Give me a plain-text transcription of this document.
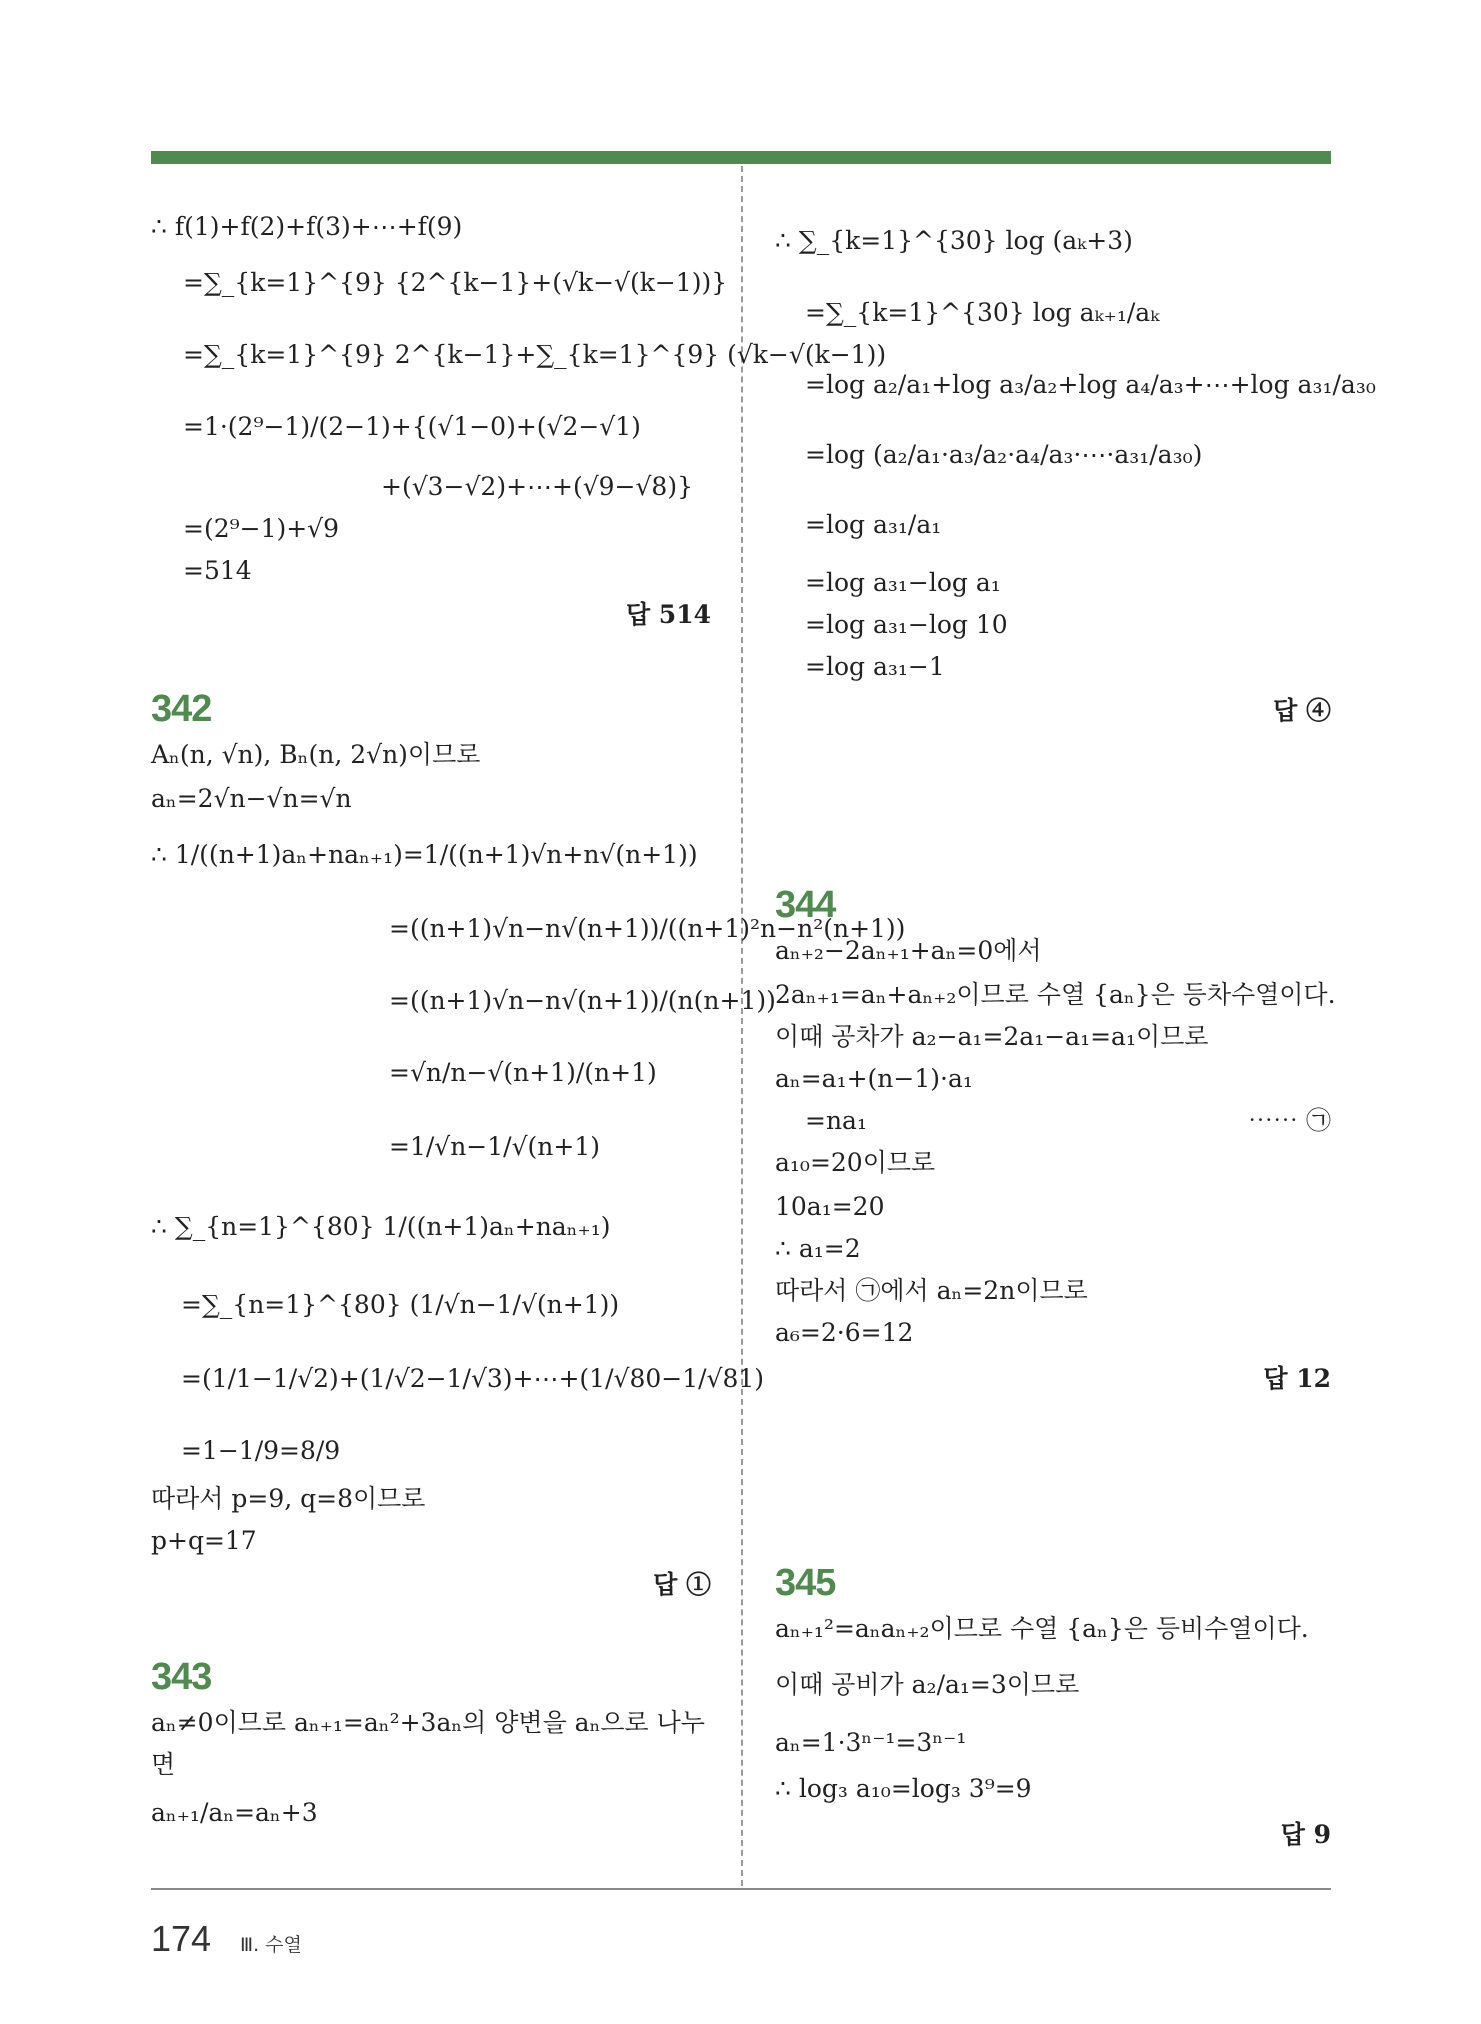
∴ f(1)+f(2)+f(3)+⋯+f(9)
=∑_{k=1}^{9} {2^{k−1}+(√k−√(k−1))}
=∑_{k=1}^{9} 2^{k−1}+∑_{k=1}^{9} (√k−√(k−1))
=1·(2⁹−1)/(2−1)+{(√1−0)+(√2−√1)
+(√3−√2)+⋯+(√9−√8)}
=(2⁹−1)+√9
=514
답 514
342
Aₙ(n, √n), Bₙ(n, 2√n)이므로
aₙ=2√n−√n=√n
∴ 1/((n+1)aₙ+naₙ₊₁)=1/((n+1)√n+n√(n+1))
=((n+1)√n−n√(n+1))/((n+1)²n−n²(n+1))
=((n+1)√n−n√(n+1))/(n(n+1))
=√n/n−√(n+1)/(n+1)
=1/√n−1/√(n+1)
∴ ∑_{n=1}^{80} 1/((n+1)aₙ+naₙ₊₁)
=∑_{n=1}^{80} (1/√n−1/√(n+1))
=(1/1−1/√2)+(1/√2−1/√3)+⋯+(1/√80−1/√81)
=1−1/9=8/9
따라서 p=9, q=8이므로
p+q=17
답 ①
343
aₙ≠0이므로 aₙ₊₁=aₙ²+3aₙ의 양변을 aₙ으로 나누
면
aₙ₊₁/aₙ=aₙ+3
∴ ∑_{k=1}^{30} log (aₖ+3)
=∑_{k=1}^{30} log aₖ₊₁/aₖ
=log a₂/a₁+log a₃/a₂+log a₄/a₃+⋯+log a₃₁/a₃₀
=log (a₂/a₁·a₃/a₂·a₄/a₃·⋯·a₃₁/a₃₀)
=log a₃₁/a₁
=log a₃₁−log a₁
=log a₃₁−log 10
=log a₃₁−1
답 ④
344
aₙ₊₂−2aₙ₊₁+aₙ=0에서
2aₙ₊₁=aₙ+aₙ₊₂이므로 수열 {aₙ}은 등차수열이다.
이때 공차가 a₂−a₁=2a₁−a₁=a₁이므로
aₙ=a₁+(n−1)·a₁
=na₁	⋯⋯ ㉠
a₁₀=20이므로
10a₁=20
∴ a₁=2
따라서 ㉠에서 aₙ=2n이므로
a₆=2·6=12
답 12
345
aₙ₊₁²=aₙaₙ₊₂이므로 수열 {aₙ}은 등비수열이다.
이때 공비가 a₂/a₁=3이므로
aₙ=1·3ⁿ⁻¹=3ⁿ⁻¹
∴ log₃ a₁₀=log₃ 3⁹=9
답 9
174 Ⅲ. 수열
